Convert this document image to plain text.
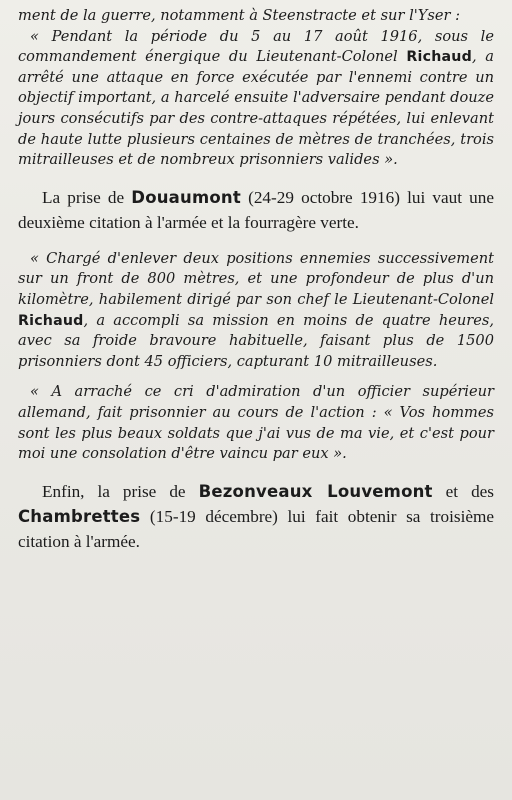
ment de la guerre, notamment à Steenstracte et sur l'Yser :

« Pendant la période du 5 au 17 août 1916, sous le commandement énergique du Lieutenant-Colonel Richaud, a arrêté une attaque en force exécutée par l'ennemi contre un objectif important, a harcelé ensuite l'adversaire pendant douze jours consécutifs par des contre-attaques répétées, lui enlevant de haute lutte plusieurs centaines de mètres de tranchées, trois mitrailleuses et de nombreux prisonniers valides ».

La prise de Douaumont (24-29 octobre 1916) lui vaut une deuxième citation à l'armée et la fourragère verte.

« Chargé d'enlever deux positions ennemies successivement sur un front de 800 mètres, et une profondeur de plus d'un kilomètre, habilement dirigé par son chef le Lieutenant-Colonel Richaud, a accompli sa mission en moins de quatre heures, avec sa froide bravoure habituelle, faisant plus de 1500 prisonniers dont 45 officiers, capturant 10 mitrailleuses.

« A arraché ce cri d'admiration d'un officier supérieur allemand, fait prisonnier au cours de l'action : « Vos hommes sont les plus beaux soldats que j'ai vus de ma vie, et c'est pour moi une consolation d'être vaincu par eux ».

Enfin, la prise de Bezonveaux Louvemont et des Chambrettes (15-19 décembre) lui fait obtenir sa troisième citation à l'armée.
